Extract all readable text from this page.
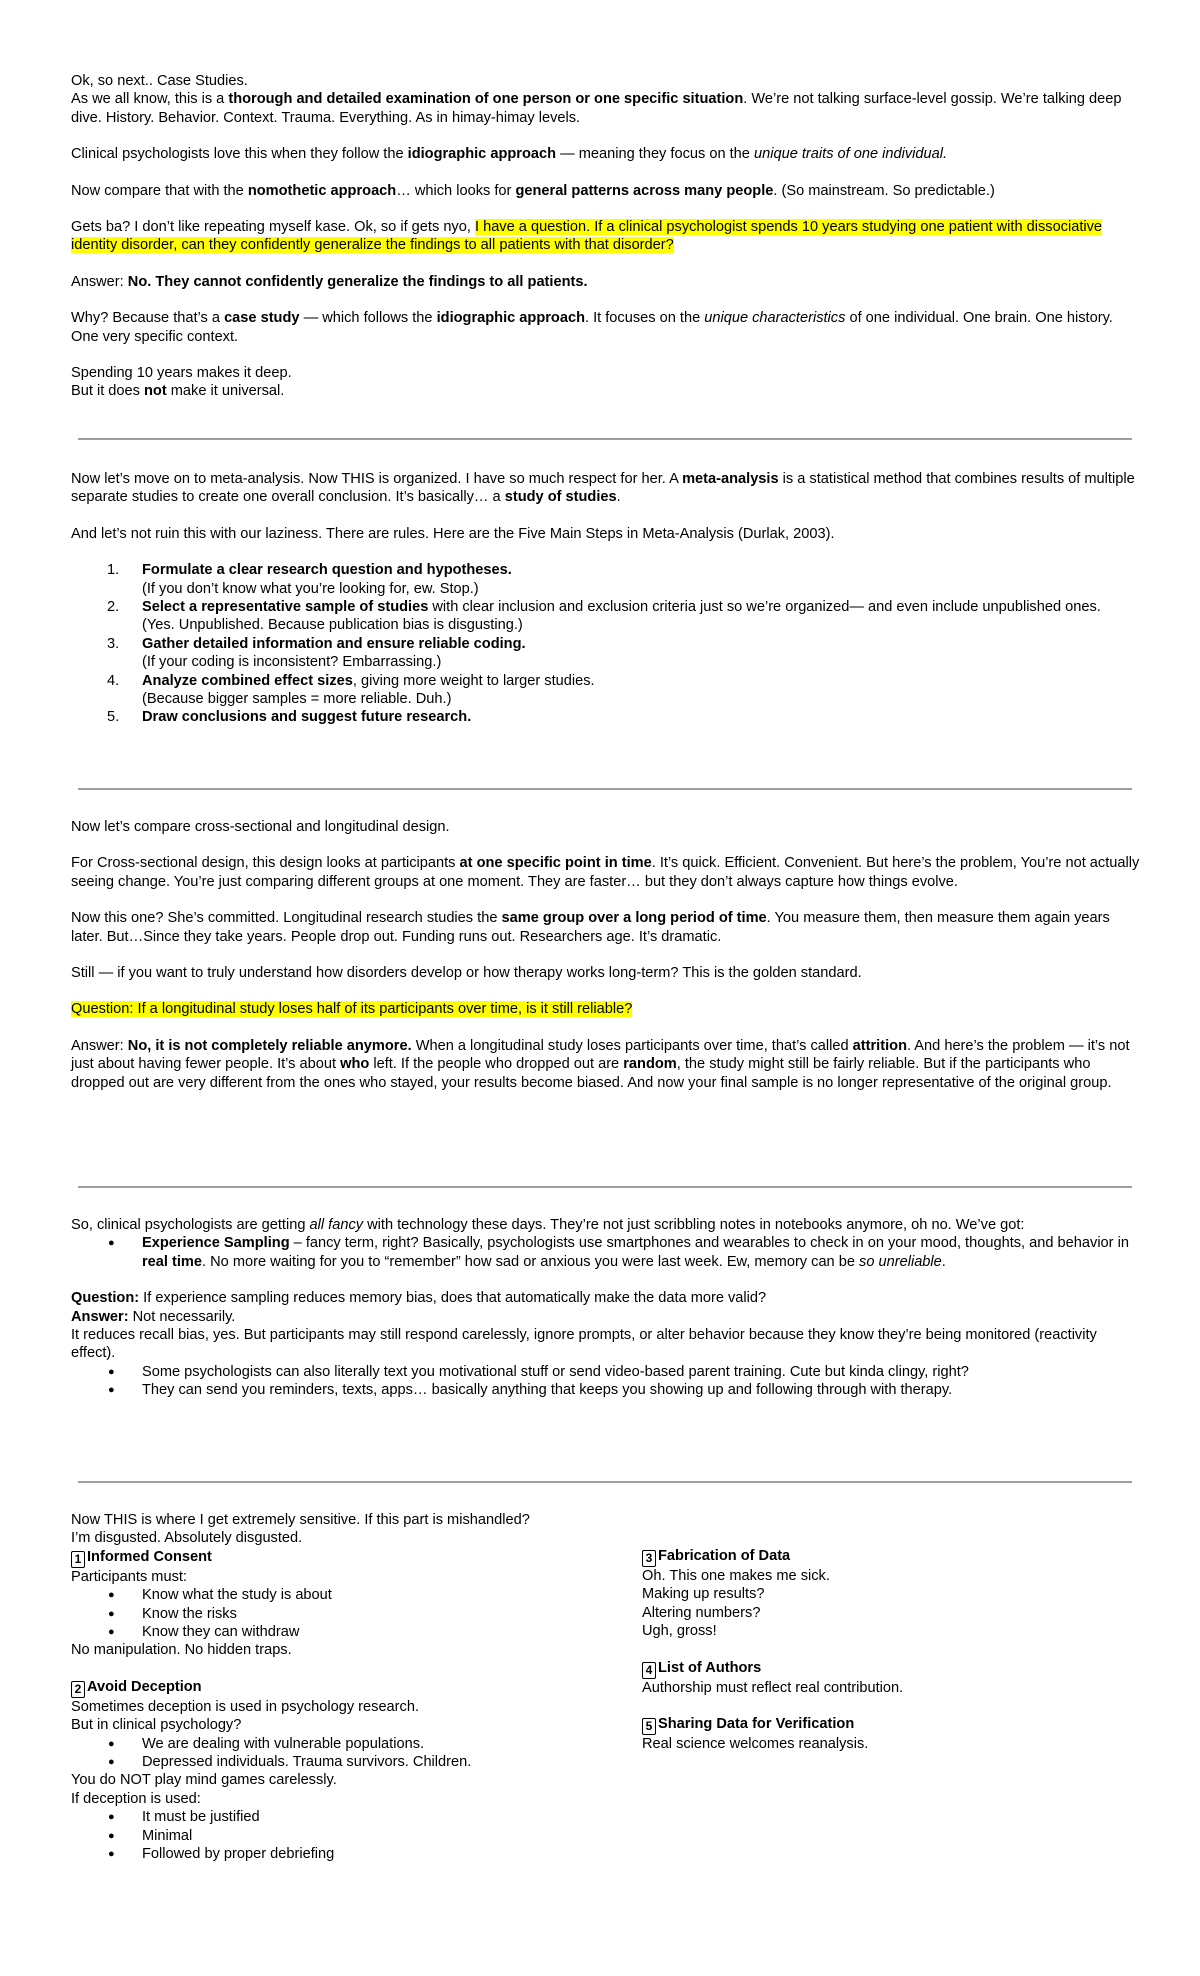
Ok, so next.. Case Studies.

As we all know, this is a thorough and detailed examination of one person or one specific situation. We’re not talking surface-level gossip. We’re talking deep dive. History. Behavior. Context. Trauma. Everything. As in himay-himay levels.

Clinical psychologists love this when they follow the idiographic approach — meaning they focus on the unique traits of one individual.

Now compare that with the nomothetic approach… which looks for general patterns across many people. (So mainstream. So predictable.)

Gets ba? I don’t like repeating myself kase. Ok, so if gets nyo, I have a question. If a clinical psychologist spends 10 years studying one patient with dissociative identity disorder, can they confidently generalize the findings to all patients with that disorder?

Answer: No. They cannot confidently generalize the findings to all patients.

Why? Because that’s a case study — which follows the idiographic approach. It focuses on the unique characteristics of one individual. One brain. One history. One very specific context.

Spending 10 years makes it deep.

But it does not make it universal.

Now let’s move on to meta-analysis. Now THIS is organized. I have so much respect for her. A meta-analysis is a statistical method that combines results of multiple separate studies to create one overall conclusion. It’s basically… a study of studies.

And let’s not ruin this with our laziness. There are rules. Here are the Five Main Steps in Meta-Analysis (Durlak, 2003).

1. Formulate a clear research question and hypotheses.
(If you don’t know what you’re looking for, ew. Stop.)
2. Select a representative sample of studies with clear inclusion and exclusion criteria just so we’re organized— and even include unpublished ones.
(Yes. Unpublished. Because publication bias is disgusting.)
3. Gather detailed information and ensure reliable coding.
(If your coding is inconsistent? Embarrassing.)
4. Analyze combined effect sizes, giving more weight to larger studies.
(Because bigger samples = more reliable. Duh.)
5. Draw conclusions and suggest future research.

Now let’s compare cross-sectional and longitudinal design.

For Cross-sectional design, this design looks at participants at one specific point in time. It’s quick. Efficient. Convenient. But here’s the problem, You’re not actually seeing change. You’re just comparing different groups at one moment. They are faster… but they don’t always capture how things evolve.

Now this one? She’s committed. Longitudinal research studies the same group over a long period of time. You measure them, then measure them again years later. But…Since they take years. People drop out. Funding runs out. Researchers age. It’s dramatic.

Still — if you want to truly understand how disorders develop or how therapy works long-term? This is the golden standard.

Question: If a longitudinal study loses half of its participants over time, is it still reliable?

Answer: No, it is not completely reliable anymore. When a longitudinal study loses participants over time, that’s called attrition. And here’s the problem — it’s not just about having fewer people. It’s about who left. If the people who dropped out are random, the study might still be fairly reliable. But if the participants who dropped out are very different from the ones who stayed, your results become biased. And now your final sample is no longer representative of the original group.

So, clinical psychologists are getting all fancy with technology these days. They’re not just scribbling notes in notebooks anymore, oh no. We’ve got:

● Experience Sampling – fancy term, right? Basically, psychologists use smartphones and wearables to check in on your mood, thoughts, and behavior in real time. No more waiting for you to “remember” how sad or anxious you were last week. Ew, memory can be so unreliable.

Question: If experience sampling reduces memory bias, does that automatically make the data more valid?

Answer: Not necessarily.

It reduces recall bias, yes. But participants may still respond carelessly, ignore prompts, or alter behavior because they know they’re being monitored (reactivity effect).

● Some psychologists can also literally text you motivational stuff or send video-based parent training. Cute but kinda clingy, right?
● They can send you reminders, texts, apps… basically anything that keeps you showing up and following through with therapy.

Now THIS is where I get extremely sensitive. If this part is mishandled?

I’m disgusted. Absolutely disgusted.

1 Informed Consent

Participants must:

● Know what the study is about
● Know the risks
● Know they can withdraw

No manipulation. No hidden traps.

2 Avoid Deception

Sometimes deception is used in psychology research.

But in clinical psychology?

● We are dealing with vulnerable populations.
● Depressed individuals. Trauma survivors. Children.

You do NOT play mind games carelessly.

If deception is used:

● It must be justified
● Minimal
● Followed by proper debriefing

3 Fabrication of Data

Oh. This one makes me sick.

Making up results?

Altering numbers?

Ugh, gross!

4 List of Authors

Authorship must reflect real contribution.

5 Sharing Data for Verification

Real science welcomes reanalysis.
